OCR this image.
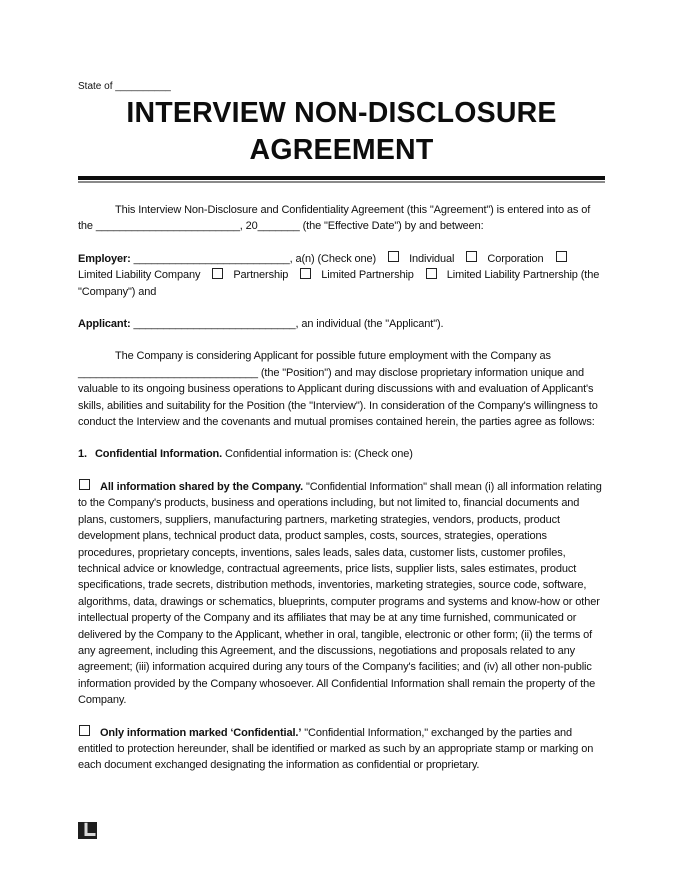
State of __________
INTERVIEW NON-DISCLOSURE
AGREEMENT

This Interview Non-Disclosure and Confidentiality Agreement (this "Agreement") is entered into as of the ________________________, 20_______ (the "Effective Date") by and between:

Employer: __________________________, a(n) (Check one)	Individual	CorporationLimited Liability Company	Partnership	Limited Partnership	Limited Liability Partnership (the "Company") and

Applicant: ___________________________, an individual (the "Applicant").

The Company is considering Applicant for possible future employment with the Company as ______________________________ (the "Position") and may disclose proprietary information unique and valuable to its ongoing business operations to Applicant during discussions with and evaluation of Applicant's skills, abilities and suitability for the Position (the "Interview"). In consideration of the Company's willingness to conduct the Interview and the covenants and mutual promises contained herein, the parties agree as follows:

1. Confidential Information. Confidential information is: (Check one)

All information shared by the Company. "Confidential Information" shall mean (i) all information relating to the Company's products, business and operations including, but not limited to, financial documents and plans, customers, suppliers, manufacturing partners, marketing strategies, vendors, products, product development plans, technical product data, product samples, costs, sources, strategies, operations procedures, proprietary concepts, inventions, sales leads, sales data, customer lists, customer profiles, technical advice or knowledge, contractual agreements, price lists, supplier lists, sales estimates, product specifications, trade secrets, distribution methods, inventories, marketing strategies, source code, software, algorithms, data, drawings or schematics, blueprints, computer programs and systems and know-how or other intellectual property of the Company and its affiliates that may be at any time furnished, communicated or delivered by the Company to the Applicant, whether in oral, tangible, electronic or other form; (ii) the terms of any agreement, including this Agreement, and the discussions, negotiations and proposals related to any agreement; (iii) information acquired during any tours of the Company's facilities; and (iv) all other non-public information provided by the Company whosoever. All Confidential Information shall remain the property of the Company.

Only information marked ‘Confidential.’ "Confidential Information," exchanged by the parties and entitled to protection hereunder, shall be identified or marked as such by an appropriate stamp or marking on each document exchanged designating the information as confidential or proprietary.
